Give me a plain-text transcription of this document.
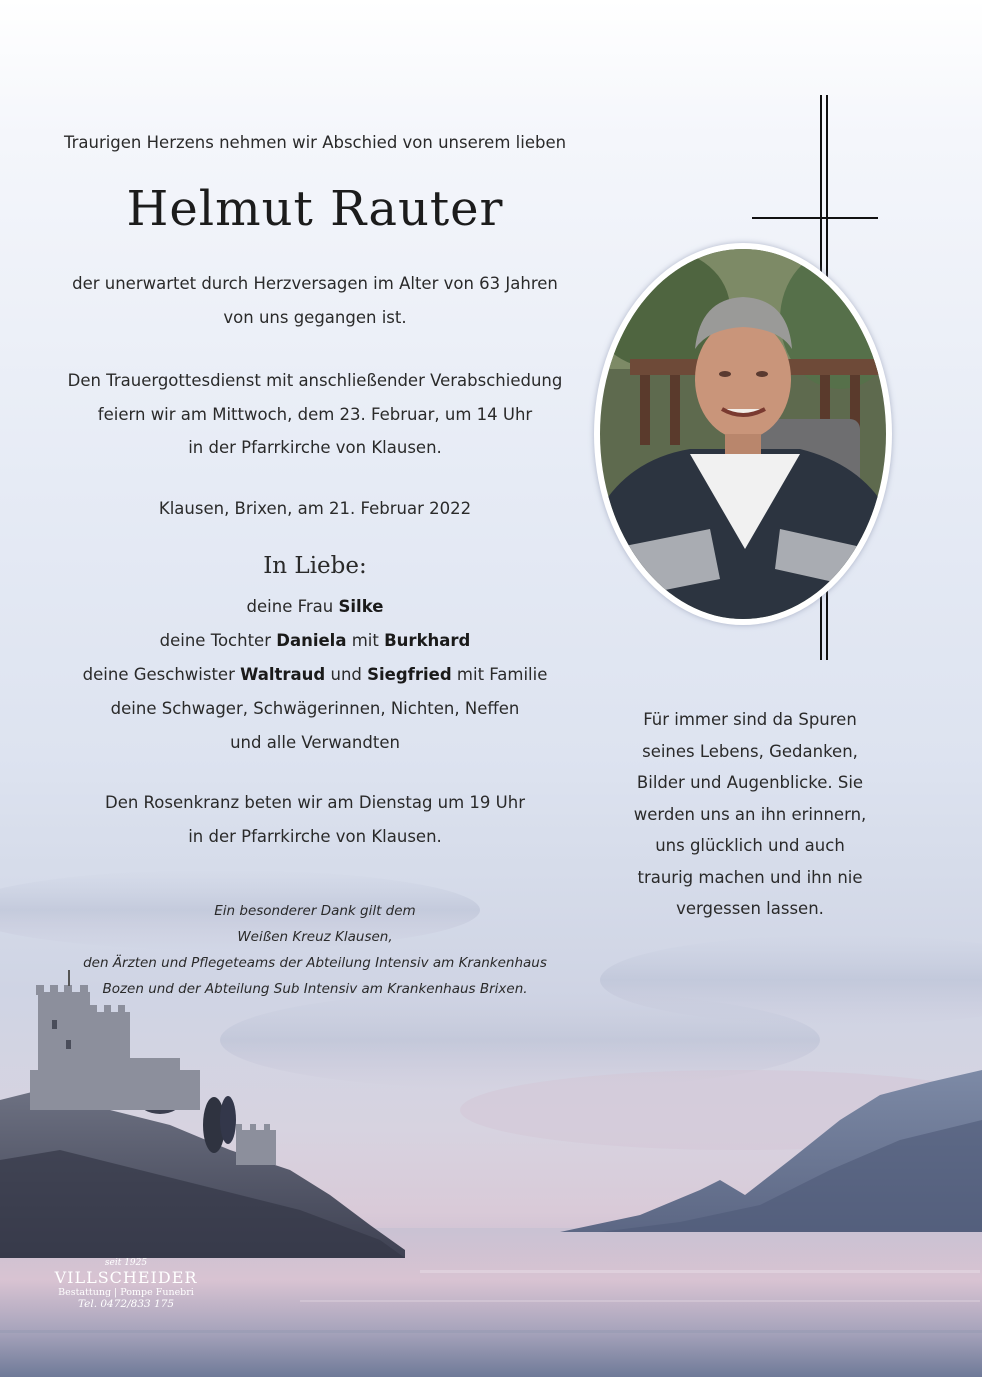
Traurigen Herzens nehmen wir Abschied von unserem lieben

Helmut Rauter

der unerwartet durch Herzversagen im Alter von 63 Jahren

von uns gegangen ist.

Den Trauergottesdienst mit anschließender Verabschiedung

feiern wir am Mittwoch, dem 23. Februar, um 14 Uhr

in der Pfarrkirche von Klausen.

Klausen, Brixen, am 21. Februar 2022

In Liebe:

deine Frau Silke

deine Tochter Daniela mit Burkhard

deine Geschwister Waltraud und Siegfried mit Familie

deine Schwager, Schwägerinnen, Nichten, Neffen

und alle Verwandten

Den Rosenkranz beten wir am Dienstag um 19 Uhr

in der Pfarrkirche von Klausen.

Ein besonderer Dank gilt dem
Weißen Kreuz Klausen,
den Ärzten und Pflegeteams der Abteilung Intensiv am Krankenhaus
Bozen und der Abteilung Sub Intensiv am Krankenhaus Brixen.
Für immer sind da Spuren
seines Lebens, Gedanken,
Bilder und Augenblicke. Sie
werden uns an ihn erinnern,
uns glücklich und auch
traurig machen und ihn nie
vergessen lassen.
seit 1925
VILLSCHEIDER
Bestattung | Pompe Funebri
Tel. 0472/833 175
